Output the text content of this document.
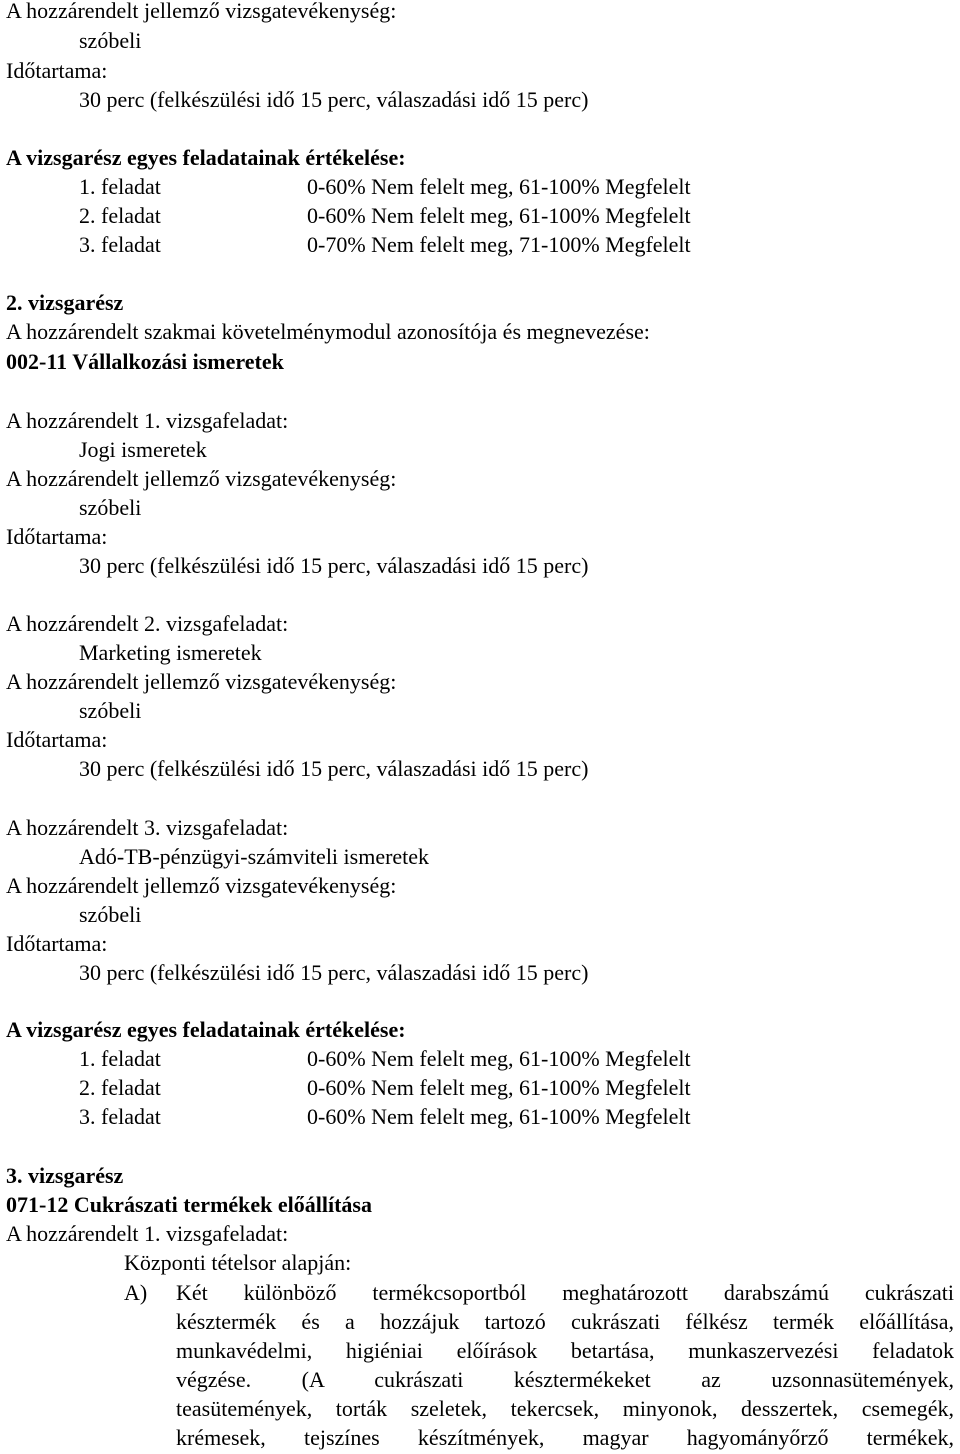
A hozzárendelt jellemző vizsgatevékenység:
szóbeli
Időtartama:
30 perc (felkészülési idő 15 perc, válaszadási idő 15 perc)
A vizsgarész egyes feladatainak értékelése:
1. feladat	0-60% Nem felelt meg, 61-100% Megfelelt
2. feladat	0-60% Nem felelt meg, 61-100% Megfelelt
3. feladat	0-70% Nem felelt meg, 71-100% Megfelelt
2. vizsgarész
A hozzárendelt szakmai követelménymodul azonosítója és megnevezése:
002-11 Vállalkozási ismeretek
A hozzárendelt 1. vizsgafeladat:
Jogi ismeretek
A hozzárendelt jellemző vizsgatevékenység:
szóbeli
Időtartama:
30 perc (felkészülési idő 15 perc, válaszadási idő 15 perc)
A hozzárendelt 2. vizsgafeladat:
Marketing ismeretek
A hozzárendelt jellemző vizsgatevékenység:
szóbeli
Időtartama:
30 perc (felkészülési idő 15 perc, válaszadási idő 15 perc)
A hozzárendelt 3. vizsgafeladat:
Adó-TB-pénzügyi-számviteli ismeretek
A hozzárendelt jellemző vizsgatevékenység:
szóbeli
Időtartama:
30 perc (felkészülési idő 15 perc, válaszadási idő 15 perc)
A vizsgarész egyes feladatainak értékelése:
1. feladat	0-60% Nem felelt meg, 61-100% Megfelelt
2. feladat	0-60% Nem felelt meg, 61-100% Megfelelt
3. feladat	0-60% Nem felelt meg, 61-100% Megfelelt
3. vizsgarész
071-12 Cukrászati termékek előállítása
A hozzárendelt 1. vizsgafeladat:
Központi tételsor alapján:
A) Két különböző termékcsoportból meghatározott darabszámú cukrászati
késztermék és a hozzájuk tartozó cukrászati félkész termék előállítása,
munkavédelmi, higiéniai előírások betartása, munkaszervezési feladatok
végzése. (A cukrászati késztermékeket az uzsonnasütemények,
teasütemények, torták szeletek, tekercsek, minyonok, desszertek, csemegék,
krémesek, tejszínes készítmények, magyar hagyományőrző termékek,
